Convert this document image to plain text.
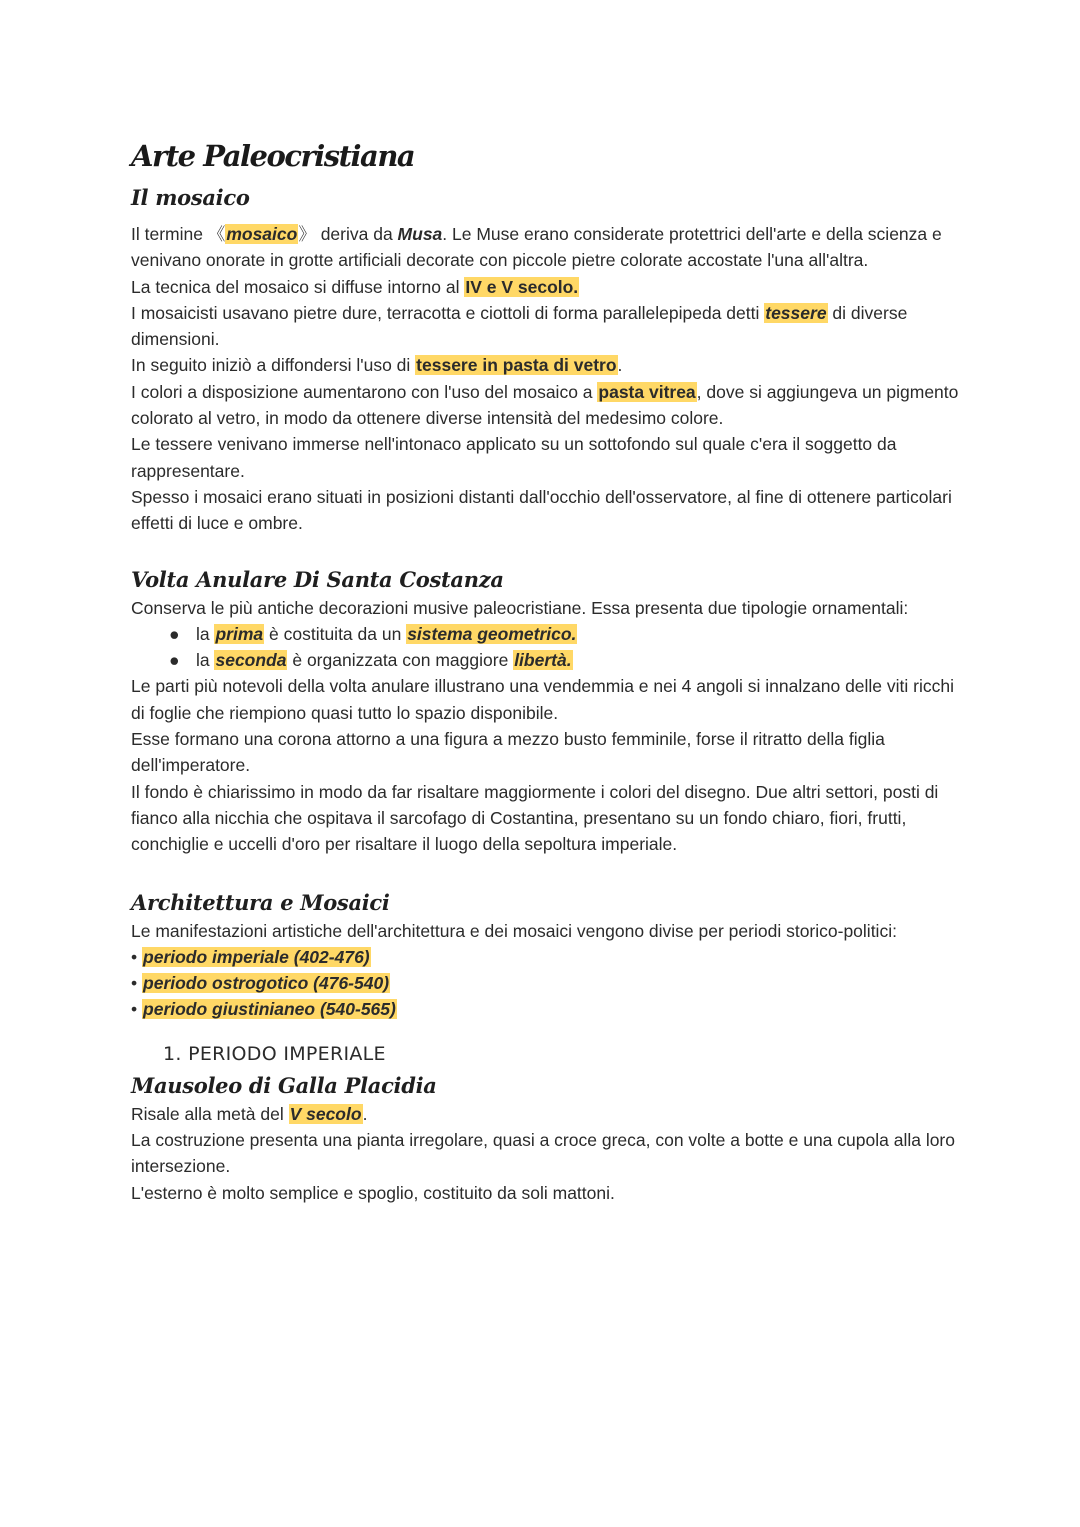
Arte Paleocristiana
Il mosaico

Il termine 《mosaico》 deriva da Musa. Le Muse erano considerate protettrici dell'arte e della scienza e venivano onorate in grotte artificiali decorate con piccole pietre colorate accostate l'una all'altra.

La tecnica del mosaico si diffuse intorno al IV e V secolo.

I mosaicisti usavano pietre dure, terracotta e ciottoli di forma parallelepipeda detti tessere di diverse dimensioni.

In seguito iniziò a diffondersi l'uso di tessere in pasta di vetro.

I colori a disposizione aumentarono con l'uso del mosaico a pasta vitrea, dove si aggiungeva un pigmento colorato al vetro, in modo da ottenere diverse intensità del medesimo colore.

Le tessere venivano immerse nell'intonaco applicato su un sottofondo sul quale c'era il soggetto da rappresentare.

Spesso i mosaici erano situati in posizioni distanti dall'occhio dell'osservatore, al fine di ottenere particolari effetti di luce e ombre.

Volta Anulare Di Santa Costanza

Conserva le più antiche decorazioni musive paleocristiane. Essa presenta due tipologie ornamentali:

● la prima è costituita da un sistema geometrico.
● la seconda è organizzata con maggiore libertà.

Le parti più notevoli della volta anulare illustrano una vendemmia e nei 4 angoli si innalzano delle viti ricchi di foglie che riempiono quasi tutto lo spazio disponibile.

Esse formano una corona attorno a una figura a mezzo busto femminile, forse il ritratto della figlia dell'imperatore.

Il fondo è chiarissimo in modo da far risaltare maggiormente i colori del disegno. Due altri settori, posti di fianco alla nicchia che ospitava il sarcofago di Costantina, presentano su un fondo chiaro, fiori, frutti, conchiglie e uccelli d'oro per risaltare il luogo della sepoltura imperiale.

Architettura e Mosaici

Le manifestazioni artistiche dell'architettura e dei mosaici vengono divise per periodi storico-politici:

• periodo imperiale (402-476)

• periodo ostrogotico (476-540)

• periodo giustinianeo (540-565)

1. PERIODO IMPERIALE
Mausoleo di Galla Placidia

Risale alla metà del V secolo.

La costruzione presenta una pianta irregolare, quasi a croce greca, con volte a botte e una cupola alla loro intersezione.

L'esterno è molto semplice e spoglio, costituito da soli mattoni.
